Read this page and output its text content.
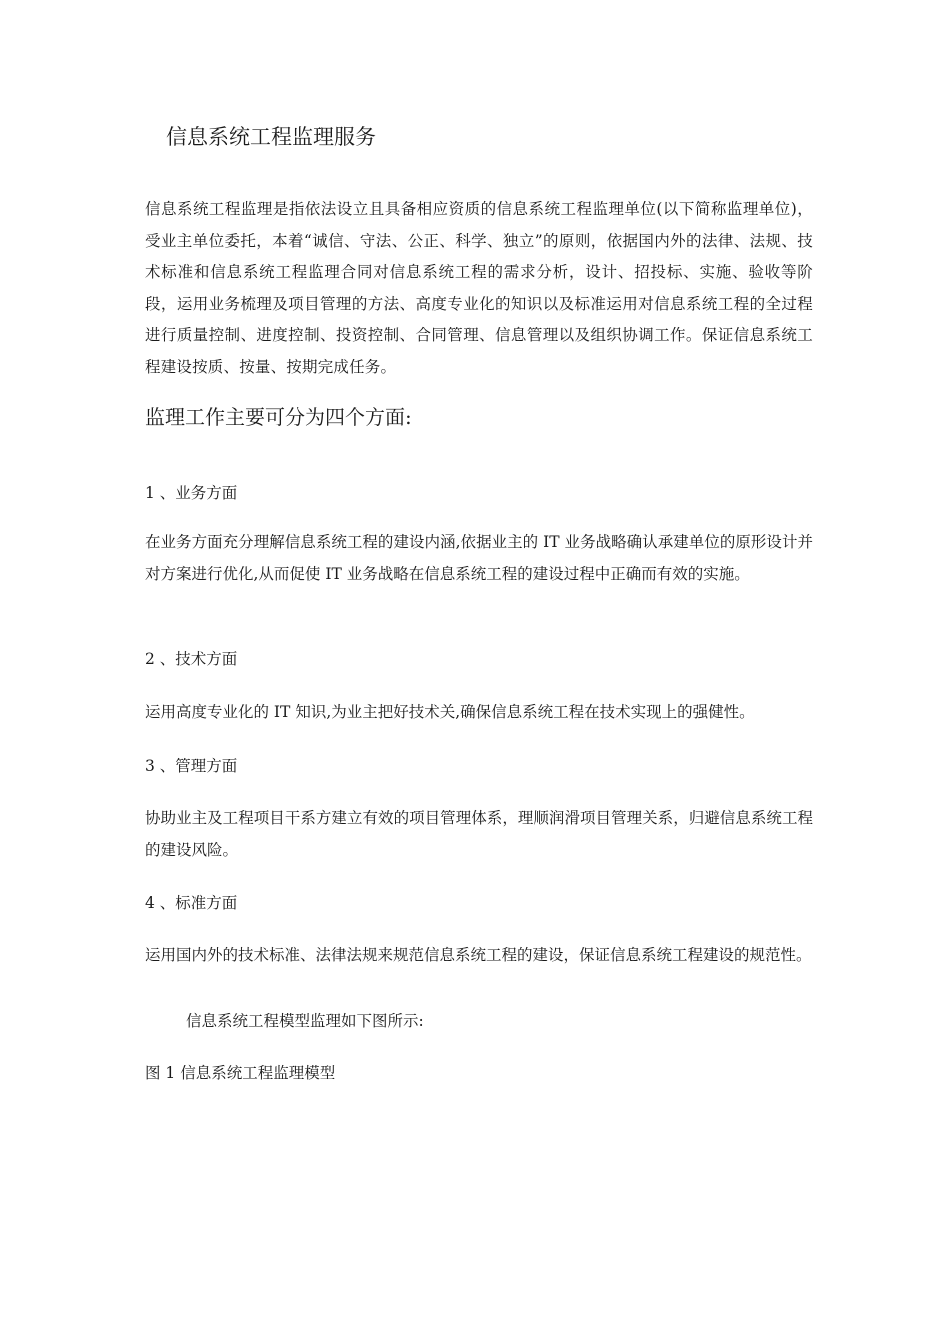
信息系统工程监理服务

信息系统工程监理是指依法设立且具备相应资质的信息系统工程监理单位(以下简称监理单位)，受业主单位委托，本着“诚信、守法、公正、科学、独立”的原则，依据国内外的法律、法规、技术标准和信息系统工程监理合同对信息系统工程的需求分析，设计、招投标、实施、验收等阶段，运用业务梳理及项目管理的方法、高度专业化的知识以及标准运用对信息系统工程的全过程进行质量控制、进度控制、投资控制、合同管理、信息管理以及组织协调工作。保证信息系统工程建设按质、按量、按期完成任务。

监理工作主要可分为四个方面:
1 、业务方面

在业务方面充分理解信息系统工程的建设内涵,依据业主的 IT 业务战略确认承建单位的原形设计并对方案进行优化,从而促使 IT 业务战略在信息系统工程的建设过程中正确而有效的实施。

2 、技术方面

运用高度专业化的 IT 知识,为业主把好技术关,确保信息系统工程在技术实现上的强健性。

3 、管理方面

协助业主及工程项目干系方建立有效的项目管理体系，理顺润滑项目管理关系，归避信息系统工程的建设风险。

4 、标准方面

运用国内外的技术标准、法律法规来规范信息系统工程的建设，保证信息系统工程建设的规范性。

信息系统工程模型监理如下图所示:
图 1 信息系统工程监理模型
